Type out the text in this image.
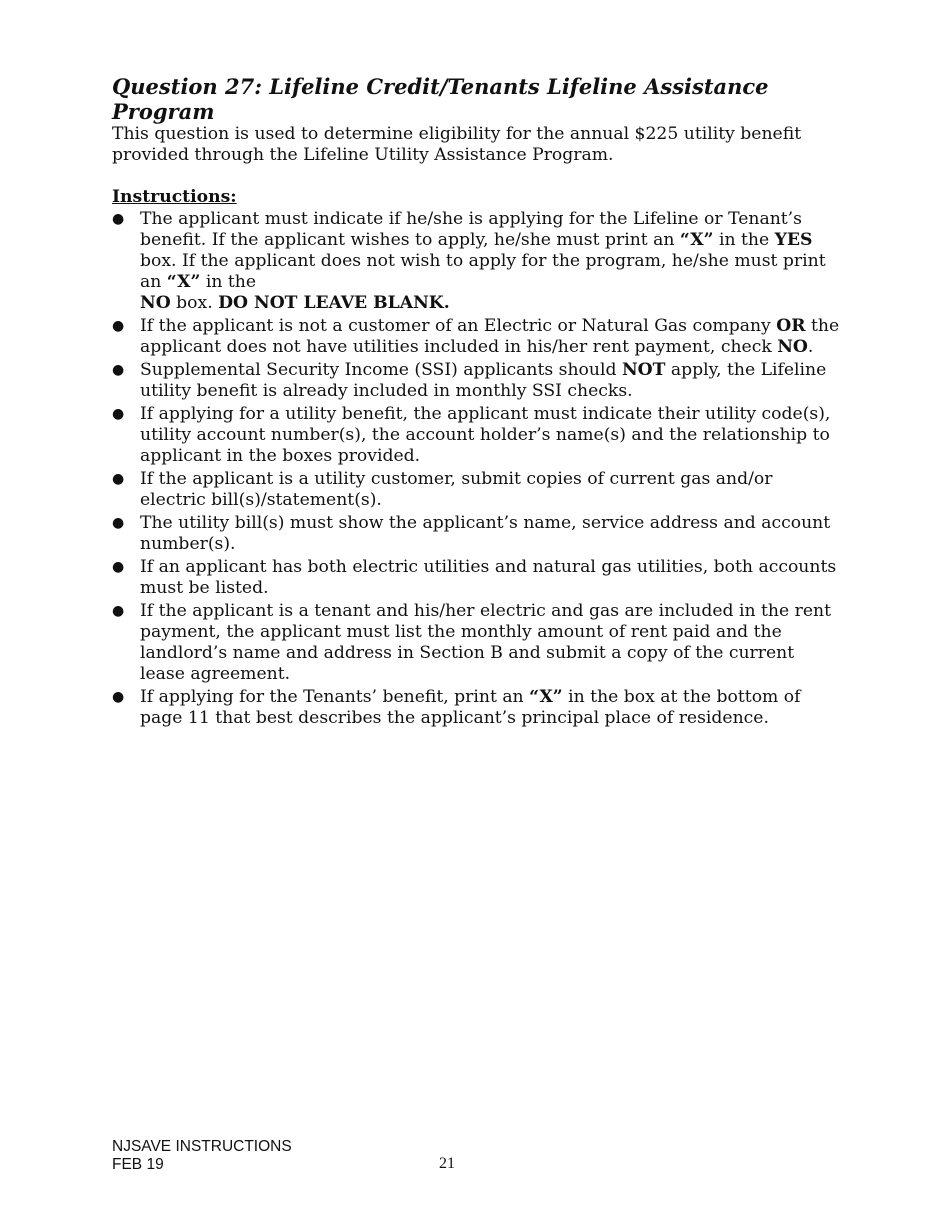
Question 27: Lifeline Credit/Tenants Lifeline Assistance Program

This question is used to determine eligibility for the annual $225 utility benefit provided through the Lifeline Utility Assistance Program.

Instructions:

● The applicant must indicate if he/she is applying for the Lifeline or Tenant’s benefit. If the applicant wishes to apply, he/she must print an “X” in the YES box. If the applicant does not wish to apply for the program, he/she must print an “X” in the
NO box. DO NOT LEAVE BLANK.
● If the applicant is not a customer of an Electric or Natural Gas company OR the applicant does not have utilities included in his/her rent payment, check NO.
● Supplemental Security Income (SSI) applicants should NOT apply, the Lifeline utility benefit is already included in monthly SSI checks.
● If applying for a utility benefit, the applicant must indicate their utility code(s), utility account number(s), the account holder’s name(s) and the relationship to applicant in the boxes provided.
● If the applicant is a utility customer, submit copies of current gas and/or electric bill(s)/statement(s).
● The utility bill(s) must show the applicant’s name, service address and account number(s).
● If an applicant has both electric utilities and natural gas utilities, both accounts must be listed.
● If the applicant is a tenant and his/her electric and gas are included in the rent payment, the applicant must list the monthly amount of rent paid and the landlord’s name and address in Section B and submit a copy of the current lease agreement.
● If applying for the Tenants’ benefit, print an “X” in the box at the bottom of page 11 that best describes the applicant’s principal place of residence.
NJSAVE INSTRUCTIONS
FEB 19	21
